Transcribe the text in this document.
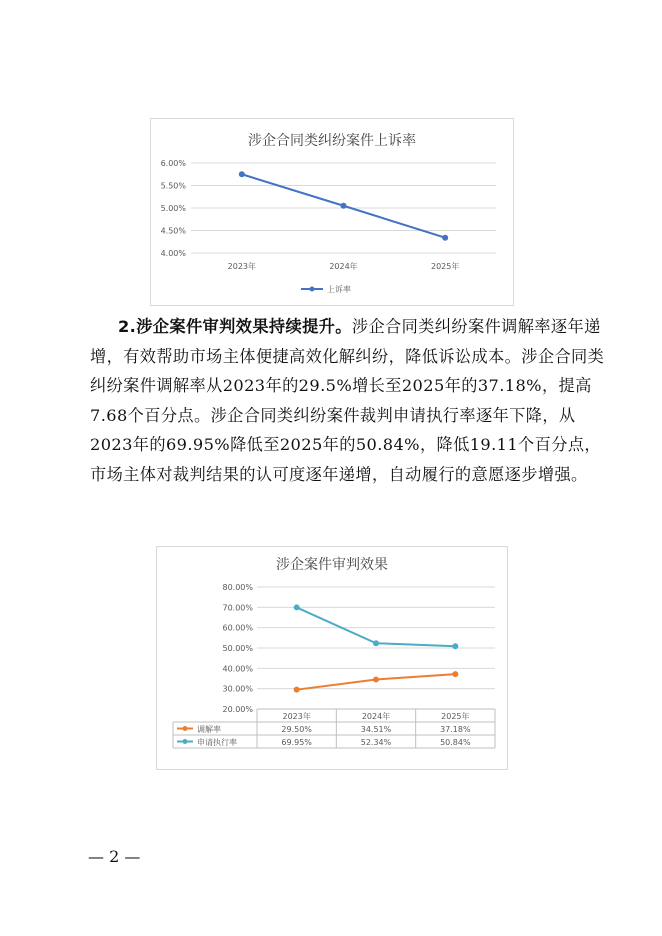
涉企合同类纠纷案件上诉率
6.00%
5.50%
5.00%
4.50%
4.00%
2023年	2024年	2025年
上诉率
2.涉企案件审判效果持续提升。涉企合同类纠纷案件调解率逐年递增，有效帮助市场主体便捷高效化解纠纷，降低诉讼成本。涉企合同类纠纷案件调解率从2023年的29.5%增长至2025年的37.18%，提高7.68个百分点。涉企合同类纠纷案件裁判申请执行率逐年下降，从2023年的69.95%降低至2025年的50.84%，降低19.11个百分点，市场主体对裁判结果的认可度逐年递增，自动履行的意愿逐步增强。
涉企案件审判效果
80.00%
70.00%
60.00%
50.00%
40.00%
30.00%
20.00%
2023年	2024年	2025年
调解率	29.50%	34.51%	37.18%
申请执行率	69.95%	52.34%	50.84%
— 2 —
